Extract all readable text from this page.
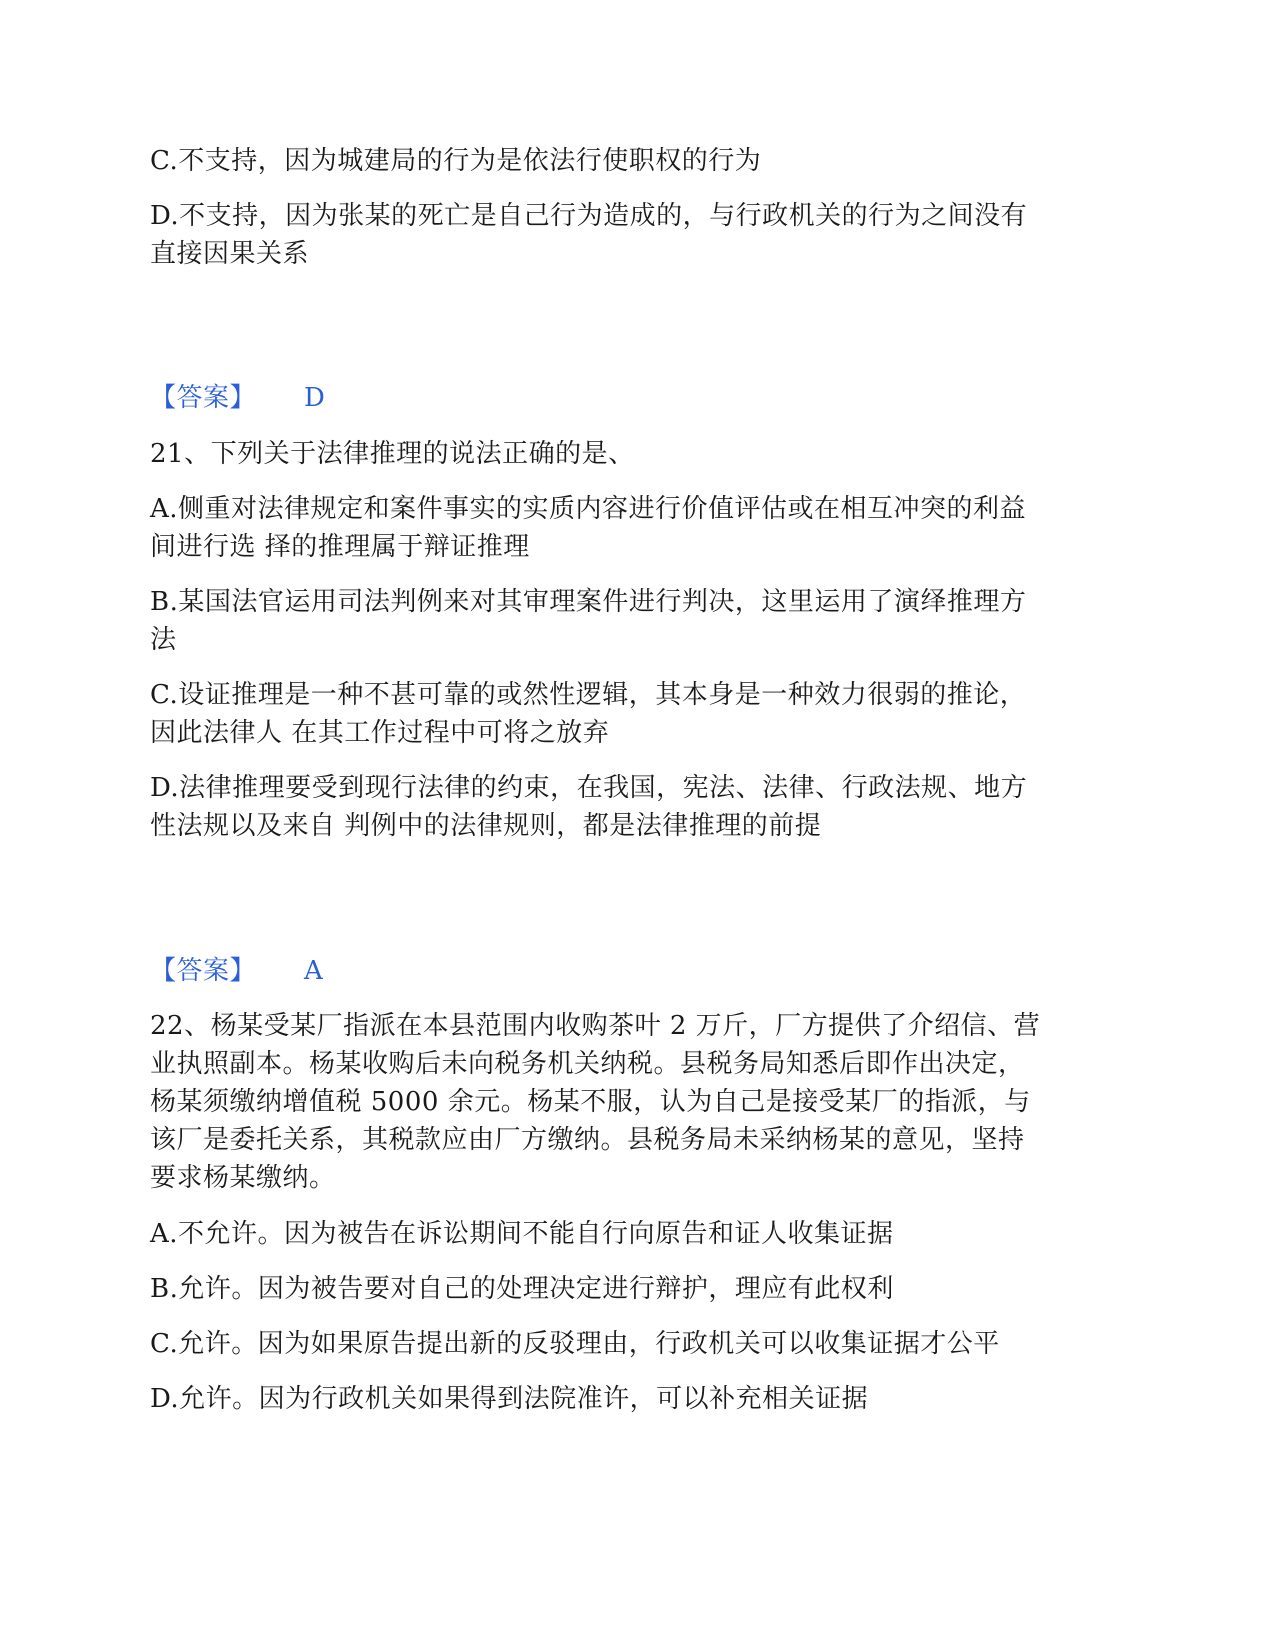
C.不支持，因为城建局的行为是依法行使职权的行为
D.不支持，因为张某的死亡是自己行为造成的，与行政机关的行为之间没有
直接因果关系
【答案】 D
21、下列关于法律推理的说法正确的是、
A.侧重对法律规定和案件事实的实质内容进行价值评估或在相互冲突的利益
间进行选 择的推理属于辩证推理
B.某国法官运用司法判例来对其审理案件进行判决，这里运用了演绎推理方
法
C.设证推理是一种不甚可靠的或然性逻辑，其本身是一种效力很弱的推论，
因此法律人 在其工作过程中可将之放弃
D.法律推理要受到现行法律的约束，在我国，宪法、法律、行政法规、地方
性法规以及来自 判例中的法律规则，都是法律推理的前提
【答案】 A
22、杨某受某厂指派在本县范围内收购茶叶 2 万斤，厂方提供了介绍信、营
业执照副本。杨某收购后未向税务机关纳税。县税务局知悉后即作出决定，
杨某须缴纳增值税 5000 余元。杨某不服，认为自己是接受某厂的指派，与
该厂是委托关系，其税款应由厂方缴纳。县税务局未采纳杨某的意见，坚持
要求杨某缴纳。
A.不允许。因为被告在诉讼期间不能自行向原告和证人收集证据
B.允许。因为被告要对自己的处理决定进行辩护，理应有此权利
C.允许。因为如果原告提出新的反驳理由，行政机关可以收集证据才公平
D.允许。因为行政机关如果得到法院准许，可以补充相关证据
